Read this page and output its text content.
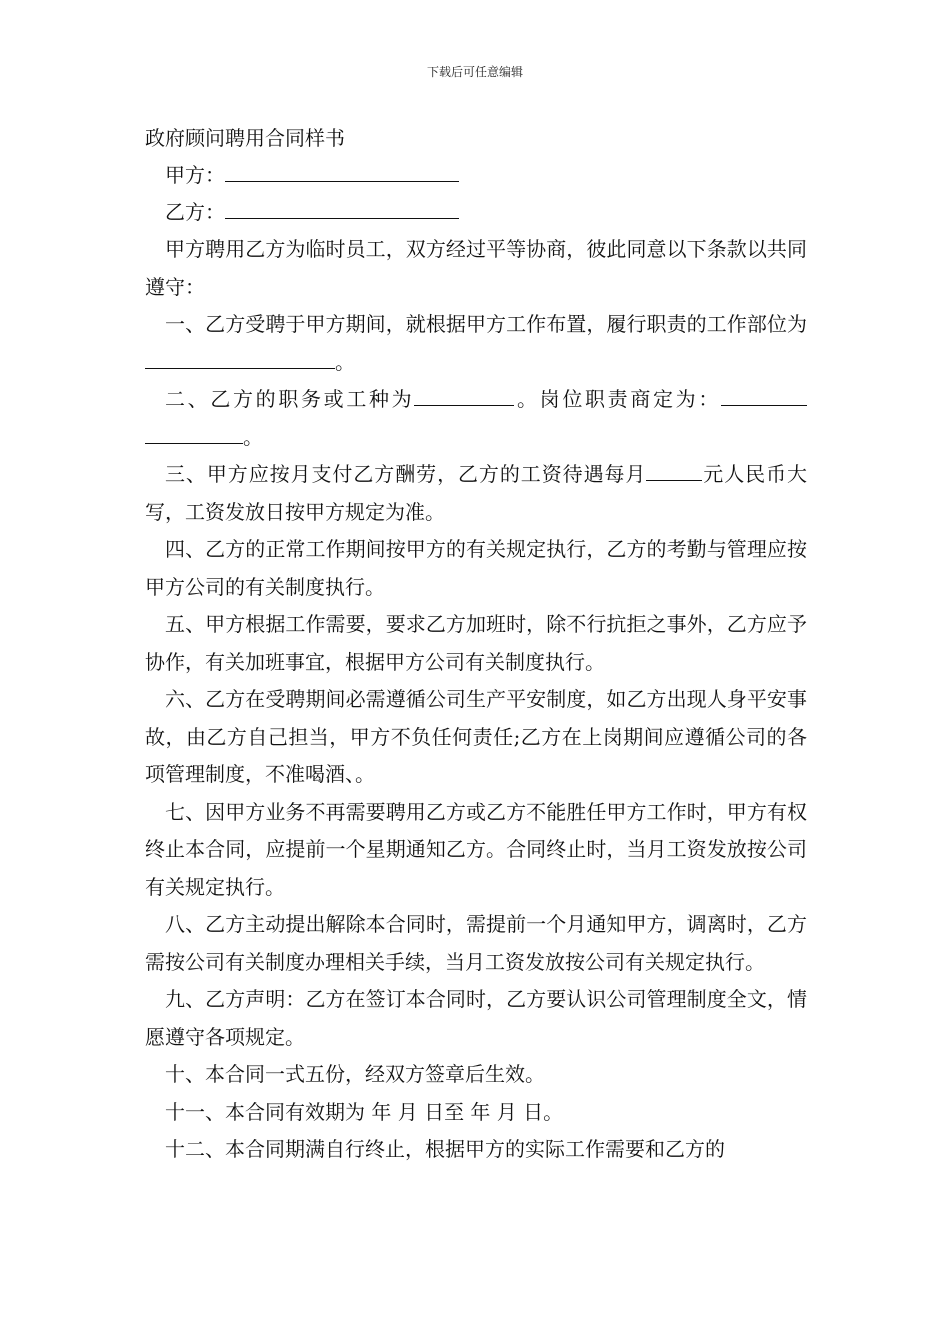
下载后可任意编辑
政府顾问聘用合同样书
甲方：
乙方：

甲方聘用乙方为临时员工，双方经过平等协商，彼此同意以下条款以共同遵守：

一、乙方受聘于甲方期间，就根据甲方工作布置，履行职责的工作部位为。

二、乙方的职务或工种为	。岗位职责商定为：。

三、甲方应按月支付乙方酬劳，乙方的工资待遇每月	元人民币大写，工资发放日按甲方规定为准。

四、乙方的正常工作期间按甲方的有关规定执行，乙方的考勤与管理应按甲方公司的有关制度执行。

五、甲方根据工作需要，要求乙方加班时，除不行抗拒之事外，乙方应予协作，有关加班事宜，根据甲方公司有关制度执行。

六、乙方在受聘期间必需遵循公司生产平安制度，如乙方出现人身平安事故，由乙方自己担当，甲方不负任何责任;乙方在上岗期间应遵循公司的各项管理制度，不准喝酒、。

七、因甲方业务不再需要聘用乙方或乙方不能胜任甲方工作时，甲方有权终止本合同，应提前一个星期通知乙方。合同终止时，当月工资发放按公司有关规定执行。

八、乙方主动提出解除本合同时，需提前一个月通知甲方，调离时，乙方需按公司有关制度办理相关手续，当月工资发放按公司有关规定执行。

九、乙方声明：乙方在签订本合同时，乙方要认识公司管理制度全文，情愿遵守各项规定。

十、本合同一式五份，经双方签章后生效。

十一、本合同有效期为 年 月 日至 年 月 日。

十二、本合同期满自行终止，根据甲方的实际工作需要和乙方的
